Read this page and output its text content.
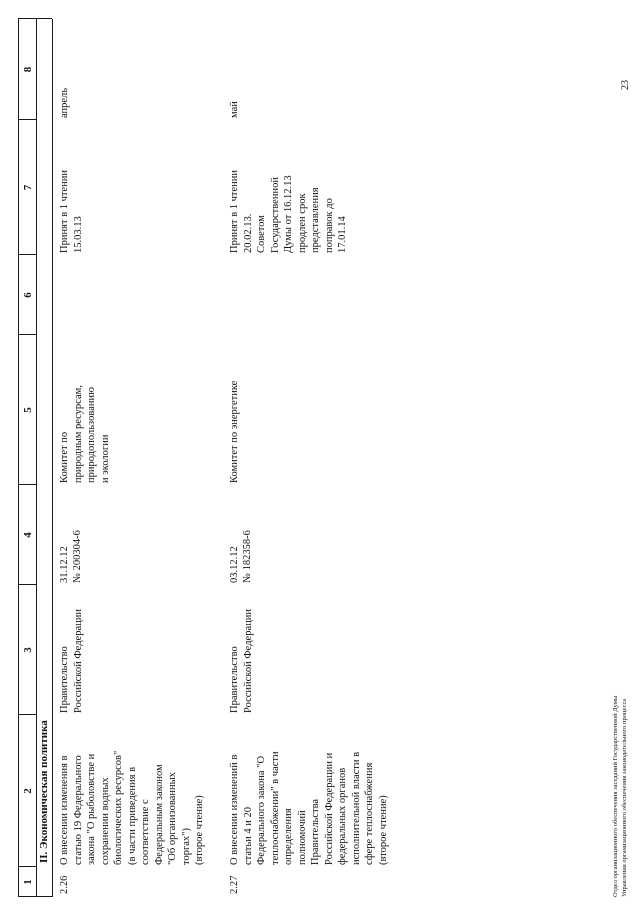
1
2
3
4
5
6
7
8
II. Экономическая политика
2.26
О внесении изменения в
статью 19 Федерального
закона "О рыболовстве и
сохранении водных
биологических ресурсов"
(в части приведения в
соответствие с
Федеральным законом
"Об организованных
торгах")
(второе чтение)
Правительство
Российской Федерации
31.12.12 № 200304-6
Комитет по
природным ресурсам,
природопользованию
и экологии
Принят в 1 чтении
15.03.13
апрель
2.27
О внесении изменений в
статьи 4 и 20
Федерального закона "О
теплоснабжении" в части
определения
полномочий
Правительства
Российской Федерации и
федеральных органов
исполнительной власти в
сфере теплоснабжения
(второе чтение)
Правительство
Российской Федерации
03.12.12 № 182358-6
Комитет по энергетике
Принят в 1 чтении
20.02.13.
Советом
Государственной
Думы от 16.12.13
продлен срок
представления
поправок до
17.01.14
май
Отдел организационного обеспечения заседаний Государственной Думы Управления организационного обеспечения законодательного процесса
23
